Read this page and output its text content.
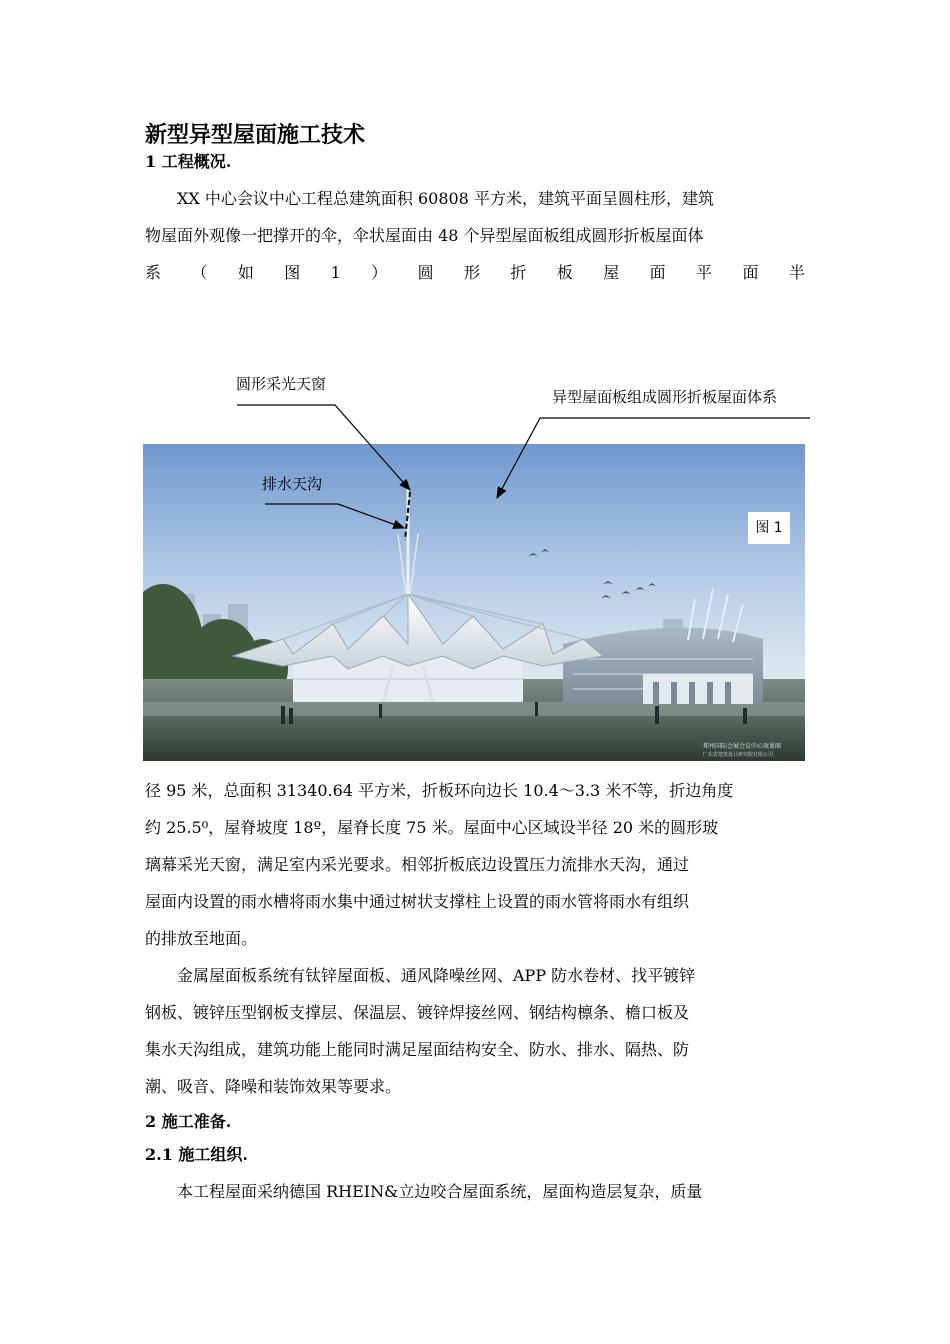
新型异型屋面施工技术
1 工程概况.
XX 中心会议中心工程总建筑面积 60808 平方米，建筑平面呈圆柱形，建筑
物屋面外观像一把撑开的伞，伞状屋面由 48 个异型屋面板组成圆形折板屋面体
系 （ 如 图 1 ） 圆 形 折 板 屋 面 平 面 半
圆形采光天窗
异型屋面板组成圆形折板屋面体系
郑州国际会展会议中心效果图
广东省建筑设计研究院有限公司
排水天沟
图 1
径 95 米，总面积 31340.64 平方米，折板环向边长 10.4～3.3 米不等，折边角度
约 25.5⁰，屋脊坡度 18º，屋脊长度 75 米。屋面中心区域设半径 20 米的圆形玻
璃幕采光天窗，满足室内采光要求。相邻折板底边设置压力流排水天沟，通过
屋面内设置的雨水槽将雨水集中通过树状支撑柱上设置的雨水管将雨水有组织
的排放至地面。
金属屋面板系统有钛锌屋面板、通风降噪丝网、APP 防水卷材、找平镀锌
钢板、镀锌压型钢板支撑层、保温层、镀锌焊接丝网、钢结构檩条、檐口板及
集水天沟组成，建筑功能上能同时满足屋面结构安全、防水、排水、隔热、防
潮、吸音、降噪和装饰效果等要求。
2 施工准备.
2.1 施工组织.
本工程屋面采纳德国 RHEIN&立边咬合屋面系统，屋面构造层复杂，质量
